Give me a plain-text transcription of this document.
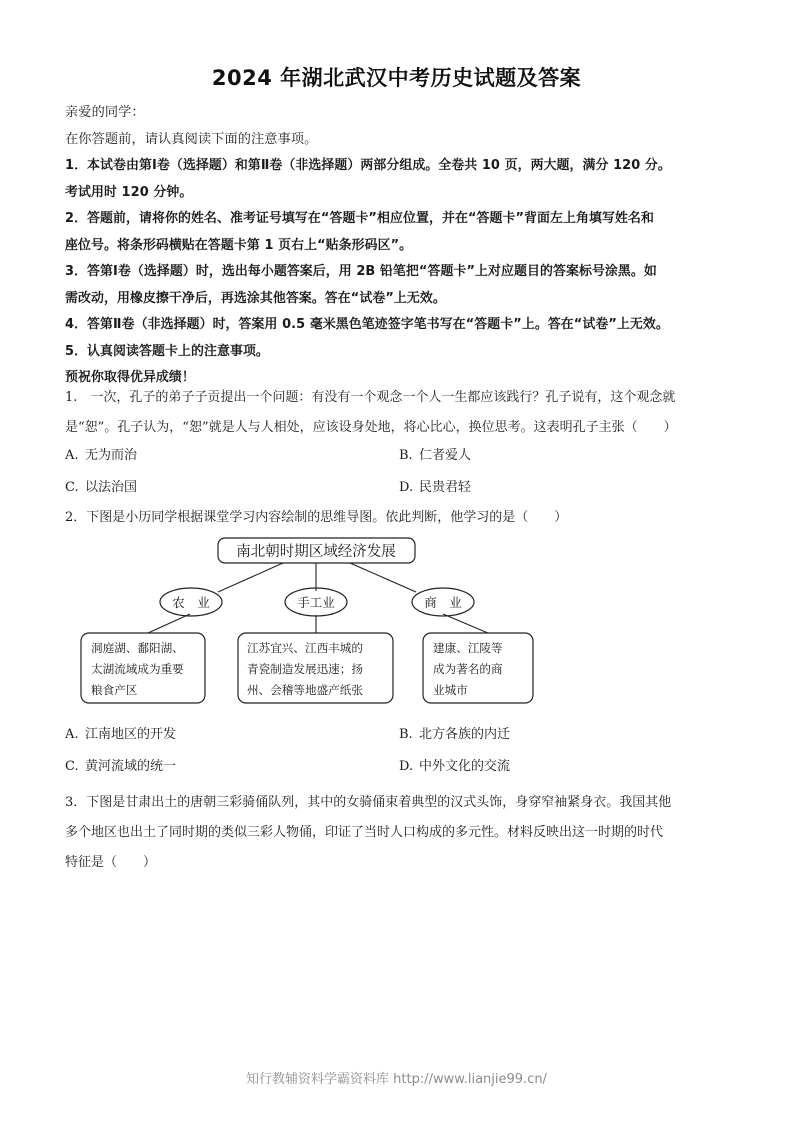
2024 年湖北武汉中考历史试题及答案
亲爱的同学：
在你答题前，请认真阅读下面的注意事项。
1．本试卷由第Ⅰ卷（选择题）和第Ⅱ卷（非选择题）两部分组成。全卷共 10 页，两大题，满分 120 分。
考试用时 120 分钟。
2．答题前，请将你的姓名、准考证号填写在“答题卡”相应位置，并在“答题卡”背面左上角填写姓名和
座位号。将条形码横贴在答题卡第 1 页右上“贴条形码区”。
3．答第Ⅰ卷（选择题）时，选出每小题答案后，用 2B 铅笔把“答题卡”上对应题目的答案标号涂黑。如
需改动，用橡皮擦干净后，再选涂其他答案。答在“试卷”上无效。
4．答第Ⅱ卷（非选择题）时，答案用 0.5 毫米黑色笔迹签字笔书写在“答题卡”上。答在“试卷”上无效。
5．认真阅读答题卡上的注意事项。
预祝你取得优异成绩！
1.　一次，孔子的弟子子贡提出一个问题：有没有一个观念一个人一生都应该践行？孔子说有，这个观念就
是“恕”。孔子认为，“恕”就是人与人相处，应该设身处地，将心比心，换位思考。这表明孔子主张（　　）
A. 无为而治	B. 仁者爱人
C. 以法治国	D. 民贵君轻
2．下图是小历同学根据课堂学习内容绘制的思维导图。依此判断，他学习的是（　　）
南北朝时期区域经济发展
农　业	手工业	商　业
洞庭湖、鄱阳湖、
太湖流域成为重要
粮食产区
江苏宜兴、江西丰城的
青瓷制造发展迅速；扬
州、会稽等地盛产纸张
建康、江陵等
成为著名的商
业城市
A. 江南地区的开发	B. 北方各族的内迁
C. 黄河流域的统一	D. 中外文化的交流
3．下图是甘肃出土的唐朝三彩骑俑队列，其中的女骑俑束着典型的汉式头饰，身穿窄袖紧身衣。我国其他
多个地区也出土了同时期的类似三彩人物俑，印证了当时人口构成的多元性。材料反映出这一时期的时代
特征是（　　）
知行教辅资料学霸资料库 http://www.lianjie99.cn/
